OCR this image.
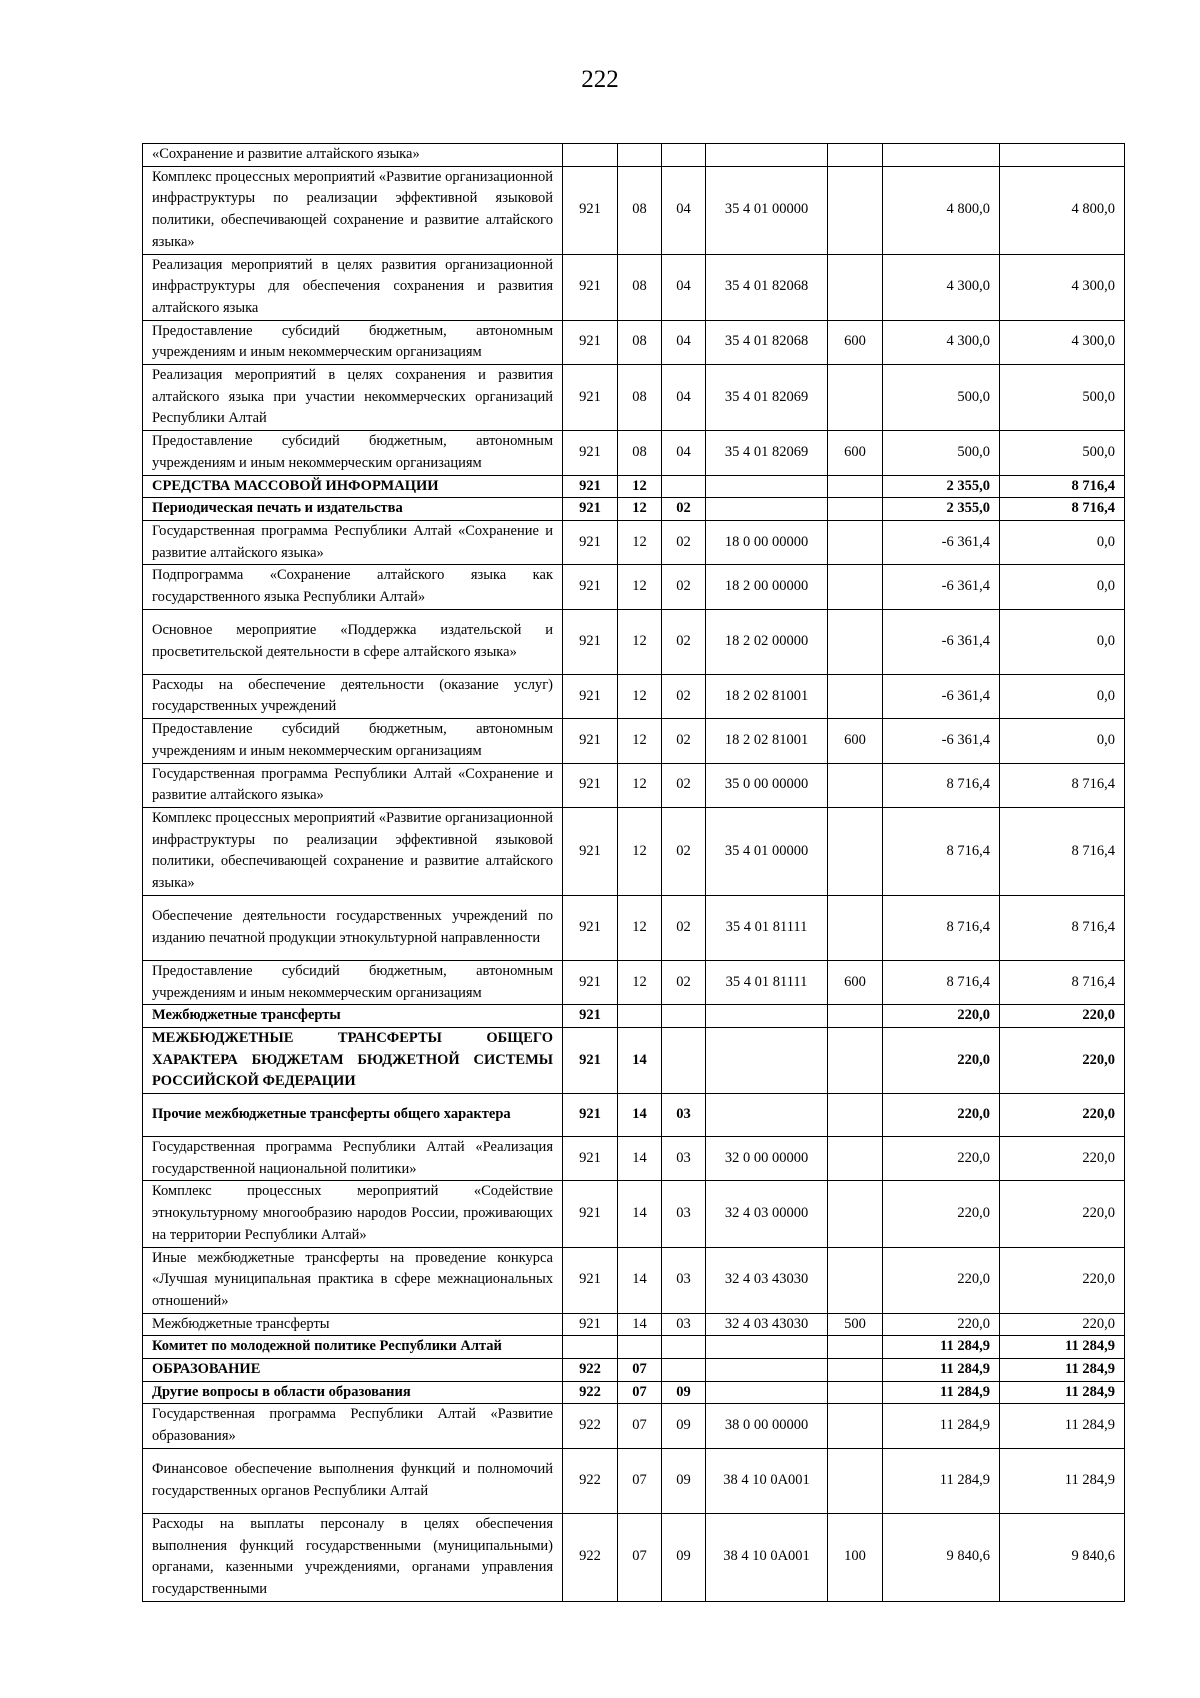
222
«Сохранение и развитие алтайского языка»							
Комплекс процессных мероприятий «Развитие организационной инфраструктуры по реализации эффективной языковой политики, обеспечивающей сохранение и развитие алтайского языка»	921	08	04	35 4 01 00000		4 800,0	4 800,0
Реализация мероприятий в целях развития организационной инфраструктуры для обеспечения сохранения и развития алтайского языка	921	08	04	35 4 01 82068		4 300,0	4 300,0
Предоставление субсидий бюджетным, автономным учреждениям и иным некоммерческим организациям	921	08	04	35 4 01 82068	600	4 300,0	4 300,0
Реализация мероприятий в целях сохранения и развития алтайского языка при участии некоммерческих организаций Республики Алтай	921	08	04	35 4 01 82069		500,0	500,0
Предоставление субсидий бюджетным, автономным учреждениям и иным некоммерческим организациям	921	08	04	35 4 01 82069	600	500,0	500,0
СРЕДСТВА МАССОВОЙ ИНФОРМАЦИИ	921	12				2 355,0	8 716,4
Периодическая печать и издательства	921	12	02			2 355,0	8 716,4
Государственная программа Республики Алтай «Сохранение и развитие алтайского языка»	921	12	02	18 0 00 00000		-6 361,4	0,0
Подпрограмма «Сохранение алтайского языка как государственного языка Республики Алтай»	921	12	02	18 2 00 00000		-6 361,4	0,0
Основное мероприятие «Поддержка издательской и просветительской деятельности в сфере алтайского языка»	921	12	02	18 2 02 00000		-6 361,4	0,0
Расходы на обеспечение деятельности (оказание услуг) государственных учреждений	921	12	02	18 2 02 81001		-6 361,4	0,0
Предоставление субсидий бюджетным, автономным учреждениям и иным некоммерческим организациям	921	12	02	18 2 02 81001	600	-6 361,4	0,0
Государственная программа Республики Алтай «Сохранение и развитие алтайского языка»	921	12	02	35 0 00 00000		8 716,4	8 716,4
Комплекс процессных мероприятий «Развитие организационной инфраструктуры по реализации эффективной языковой политики, обеспечивающей сохранение и развитие алтайского языка»	921	12	02	35 4 01 00000		8 716,4	8 716,4
Обеспечение деятельности государственных учреждений по изданию печатной продукции этнокультурной направленности	921	12	02	35 4 01 81111		8 716,4	8 716,4
Предоставление субсидий бюджетным, автономным учреждениям и иным некоммерческим организациям	921	12	02	35 4 01 81111	600	8 716,4	8 716,4
Межбюджетные трансферты	921					220,0	220,0
МЕЖБЮДЖЕТНЫЕ ТРАНСФЕРТЫ ОБЩЕГО ХАРАКТЕРА БЮДЖЕТАМ БЮДЖЕТНОЙ СИСТЕМЫ РОССИЙСКОЙ ФЕДЕРАЦИИ	921	14				220,0	220,0
Прочие межбюджетные трансферты общего характера	921	14	03			220,0	220,0
Государственная программа Республики Алтай «Реализация государственной национальной политики»	921	14	03	32 0 00 00000		220,0	220,0
Комплекс процессных мероприятий «Содействие этнокультурному многообразию народов России, проживающих на территории Республики Алтай»	921	14	03	32 4 03 00000		220,0	220,0
Иные межбюджетные трансферты на проведение конкурса «Лучшая муниципальная практика в сфере межнациональных отношений»	921	14	03	32 4 03 43030		220,0	220,0
Межбюджетные трансферты	921	14	03	32 4 03 43030	500	220,0	220,0
Комитет по молодежной политике Республики Алтай						11 284,9	11 284,9
ОБРАЗОВАНИЕ	922	07				11 284,9	11 284,9
Другие вопросы в области образования	922	07	09			11 284,9	11 284,9
Государственная программа Республики Алтай «Развитие образования»	922	07	09	38 0 00 00000		11 284,9	11 284,9
Финансовое обеспечение выполнения функций и полномочий государственных органов Республики Алтай	922	07	09	38 4 10 0А001		11 284,9	11 284,9
Расходы на выплаты персоналу в целях обеспечения выполнения функций государственными (муниципальными) органами, казенными учреждениями, органами управления государственными	922	07	09	38 4 10 0А001	100	9 840,6	9 840,6
